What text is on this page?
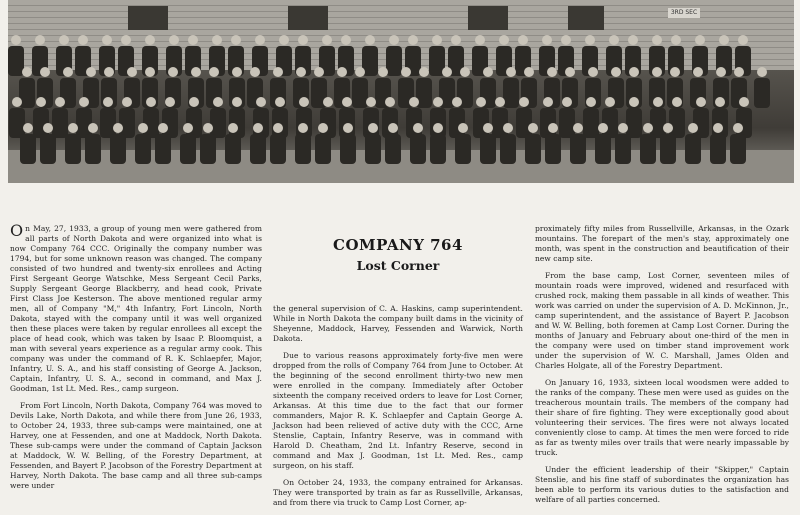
3RD SEC

On May, 27, 1933, a group of young men were gathered from all parts of North Dakota and were organized into what is now Company 764 CCC. Originally the company number was 1794, but for some unknown reason was changed. The company consisted of two hundred and twenty-six enrollees and Acting First Sergeant George Watschke, Mess Sergeant Cecil Parks, Supply Sergeant George Blackberry, and head cook, Private First Class Joe Kesterson. The above mentioned regular army men, all of Company "M," 4th Infantry, Fort Lincoln, North Dakota, stayed with the company until it was well organized then these places were taken by regular enrollees all except the place of head cook, which was taken by Isaac P. Bloomquist, a man with several years experience as a regular army cook. This company was under the command of R. K. Schlaepfer, Major, Infantry, U. S. A., and his staff consisting of George A. Jackson, Captain, Infantry, U. S. A., second in command, and Max J. Goodman, 1st Lt. Med. Res., camp surgeon.

From Fort Lincoln, North Dakota, Company 764 was moved to Devils Lake, North Dakota, and while there from June 26, 1933, to October 24, 1933, three sub-camps were maintained, one at Harvey, one at Fessenden, and one at Maddock, North Dakota. These sub-camps were under the command of Captain Jackson at Maddock, W. W. Belling, of the Forestry Department, at Fessenden, and Bayert P. Jacobson of the Forestry Department at Harvey, North Dakota. The base camp and all three sub-camps were under

COMPANY 764
Lost Corner

the general supervision of C. A. Haskins, camp superintendent. While in North Dakota the company built dams in the vicinity of Sheyenne, Maddock, Harvey, Fessenden and Warwick, North Dakota.

Due to various reasons approximately forty-five men were dropped from the rolls of Company 764 from June to October. At the beginning of the second enrollment thirty-two new men were enrolled in the company. Immediately after October sixteenth the company received orders to leave for Lost Corner, Arkansas. At this time due to the fact that our former commanders, Major R. K. Schlaepfer and Captain George A. Jackson had been relieved of active duty with the CCC, Arne Stenslie, Captain, Infantry Reserve, was in command with Harold D. Cheatham, 2nd Lt. Infantry Reserve, second in command and Max J. Goodman, 1st Lt. Med. Res., camp surgeon, on his staff.

On October 24, 1933, the company entrained for Arkansas. They were transported by train as far as Russellville, Arkansas, and from there via truck to Camp Lost Corner, ap-

proximately fifty miles from Russellville, Arkansas, in the Ozark mountains. The forepart of the men's stay, approximately one month, was spent in the construction and beautification of their new camp site.

From the base camp, Lost Corner, seventeen miles of mountain roads were improved, widened and resurfaced with crushed rock, making them passable in all kinds of weather. This work was carried on under the supervision of A. D. McKinnon, Jr., camp superintendent, and the assistance of Bayert P. Jacobson and W. W. Belling, both foremen at Camp Lost Corner. During the months of January and February about one-third of the men in the company were used on timber stand improvement work under the supervision of W. C. Marshall, James Olden and Charles Holgate, all of the Forestry Department.

On January 16, 1933, sixteen local woodsmen were added to the ranks of the company. These men were used as guides on the treacherous mountain trails. The members of the company had their share of fire fighting. They were exceptionally good about volunteering their services. The fires were not always located conveniently close to camp. At times the men were forced to ride as far as twenty miles over trails that were nearly impassable by truck.

Under the efficient leadership of their "Skipper," Captain Stenslie, and his fine staff of subordinates the organization has been able to perform its various duties to the satisfaction and welfare of all parties concerned.
